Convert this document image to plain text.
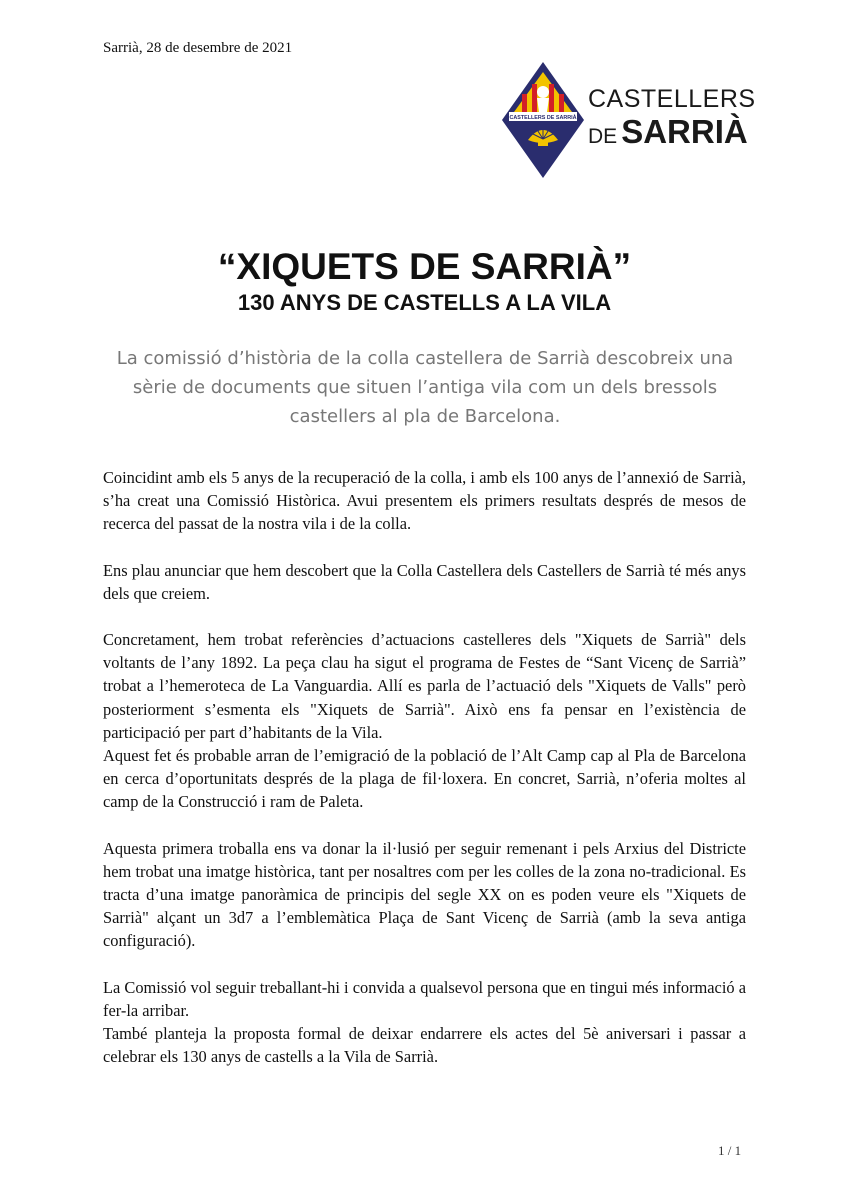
Sarrià, 28 de desembre de 2021
CASTELLERS DE SARRIÀ
CASTELLERS
DE SARRIÀ
“XIQUETS DE SARRIÀ”
130 ANYS DE CASTELLS A LA VILA
La comissió d’història de la colla castellera de Sarrià descobreix una sèrie de documents que situen l’antiga vila com un dels bressols castellers al pla de Barcelona.

Coincidint amb els 5 anys de la recuperació de la colla, i amb els 100 anys de l’annexió de Sarrià, s’ha creat una Comissió Històrica. Avui presentem els primers resultats després de mesos de recerca del passat de la nostra vila i de la colla.

Ens plau anunciar que hem descobert que la Colla Castellera dels Castellers de Sarrià té més anys dels que creiem.

Concretament, hem trobat referències d’actuacions castelleres dels "Xiquets de Sarrià" dels voltants de l’any 1892. La peça clau ha sigut el programa de Festes de “Sant Vicenç de Sarrià” trobat a l’hemeroteca de La Vanguardia. Allí es parla de l’actuació dels "Xiquets de Valls" però posteriorment s’esmenta els "Xiquets de Sarrià". Això ens fa pensar en l’existència de participació per part d’habitants de la Vila.

Aquest fet és probable arran de l’emigració de la població de l’Alt Camp cap al Pla de Barcelona en cerca d’oportunitats després de la plaga de fil·loxera. En concret, Sarrià, n’oferia moltes al camp de la Construcció i ram de Paleta.

Aquesta primera troballa ens va donar la il·lusió per seguir remenant i pels Arxius del Districte hem trobat una imatge històrica, tant per nosaltres com per les colles de la zona no-tradicional. Es tracta d’una imatge panoràmica de principis del segle XX on es poden veure els "Xiquets de Sarrià" alçant un 3d7 a l’emblemàtica Plaça de Sant Vicenç de Sarrià (amb la seva antiga configuració).

La Comissió vol seguir treballant-hi i convida a qualsevol persona que en tingui més informació a fer-la arribar.

També planteja la proposta formal de deixar endarrere els actes del 5è aniversari i passar a celebrar els 130 anys de castells a la Vila de Sarrià.

1 / 1
